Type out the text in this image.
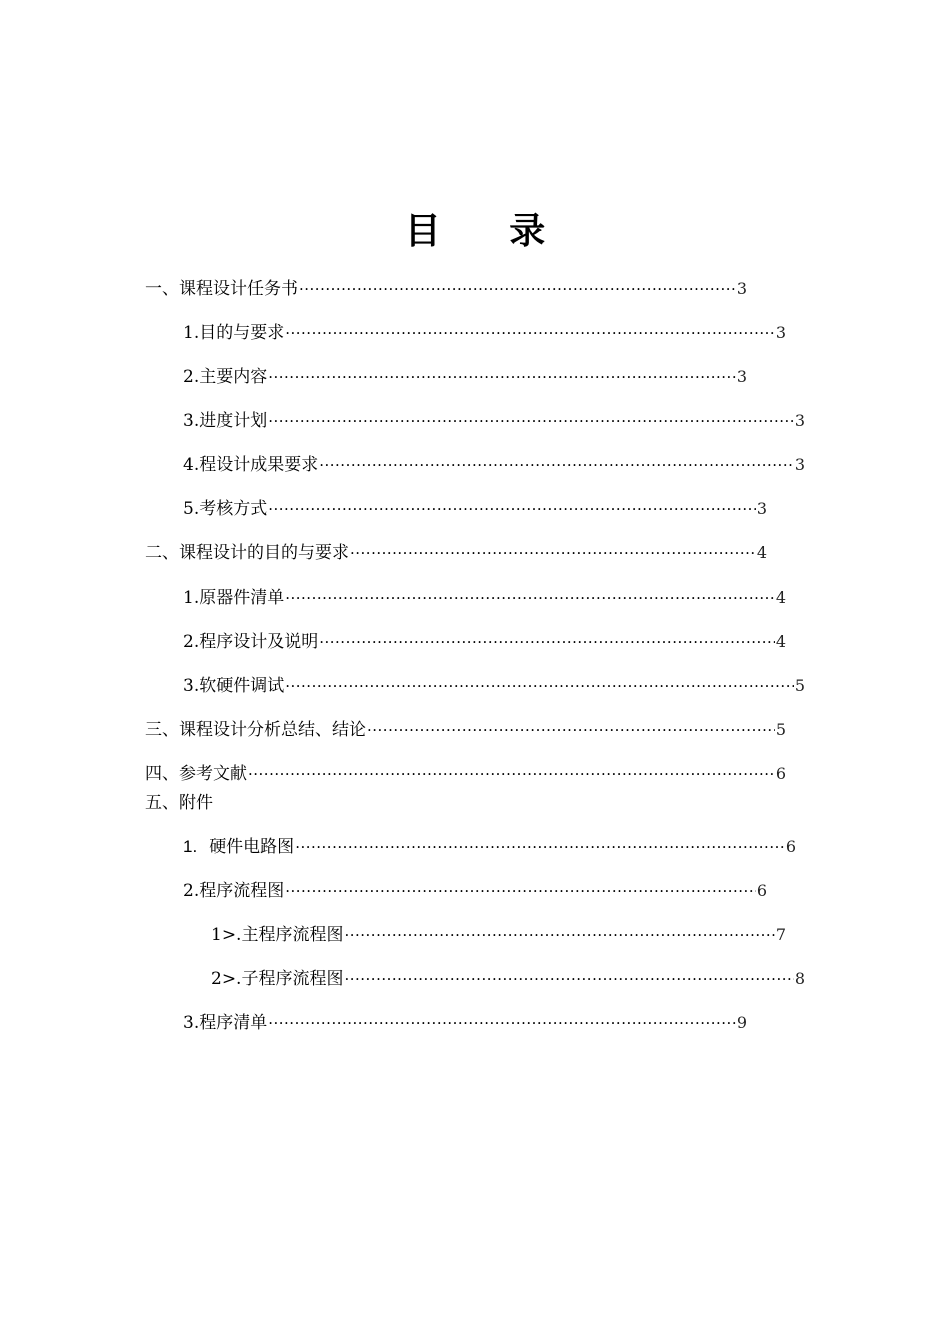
目 录
一、课程设计任务书 ·····	3
1.目的与要求 ·····	3
2.主要内容 ·····	3
3.进度计划 ·····	3
4.程设计成果要求 ·····	3
5.考核方式 ·····	3
二、课程设计的目的与要求 ·····	4
1.原器件清单 ·····	4
2.程序设计及说明 ·····	4
3.软硬件调试 ·····	5
三、课程设计分析总结、结论 ·····	5
四、参考文献 ·····	6
五、附件
1. 硬件电路图 ·····	6
2.程序流程图 ·····	6
1>.主程序流程图 ·····	7
2>.子程序流程图 ·····	8
3.程序清单 ·····	9
